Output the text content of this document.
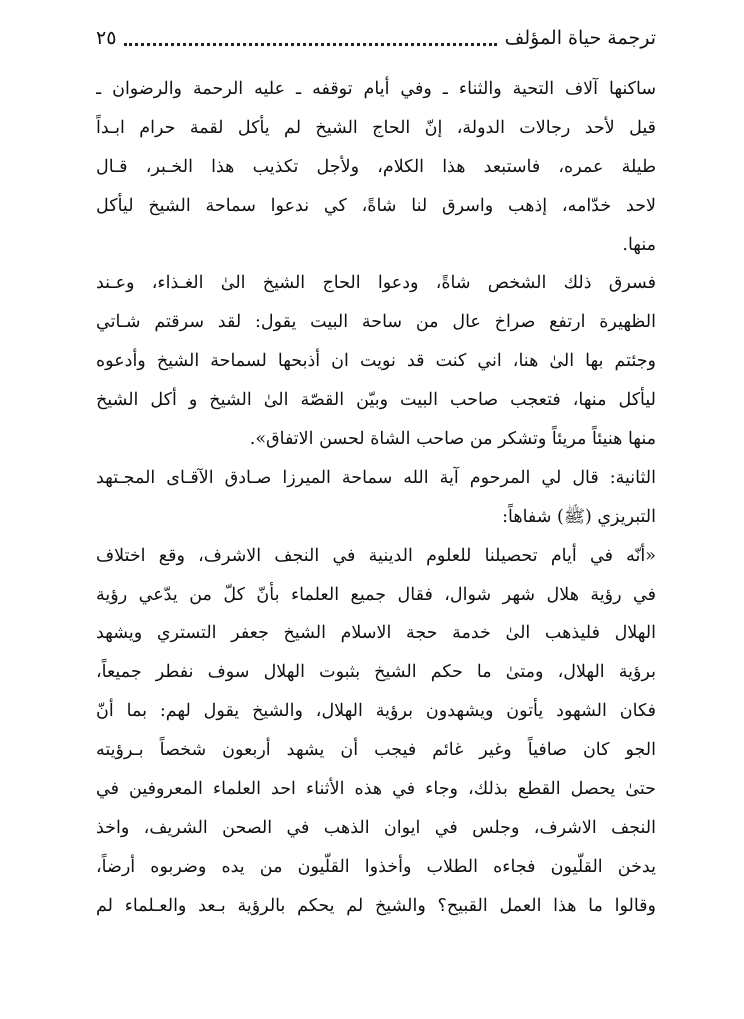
ترجمة حياة المؤلف
٢٥
ساكنها آلاف التحية والثناء ـ وفي أيام توقفه ـ عليه الرحمة والرضوان ـ
قيل لأحد رجالات الدولة، إنّ الحاج الشيخ لم يأكل لقمة حرام ابـداً
طيلة عمره، فاستبعد هذا الكلام، ولأجل تكذيب هذا الخـبر، قـال
لاحد خدّامه، إذهب واسرق لنا شاةً، كي ندعوا سماحة الشيخ ليأكل
منها.
فسرق ذلك الشخص شاةً، ودعوا الحاج الشيخ الىٰ الغـذاء، وعـند
الظهيرة ارتفع صراخ عال من ساحة البيت يقول: لقد سرقتم شـاتي
وجئتم بها الىٰ هنا، اني كنت قد نويت ان أذبحها لسماحة الشيخ وأدعوه
ليأكل منها، فتعجب صاحب البيت وبيّن القصّة الىٰ الشيخ و أكل الشيخ
منها هنيئاً مريئاً وتشكر من صاحب الشاة لحسن الاتفاق».
الثانية: قال لي المرحوم آية الله سماحة الميرزا صـادق الآقـاى المجـتهد
التبريزي (ﷺ) شفاهاً:
«أنّه في أيام تحصيلنا للعلوم الدينية في النجف الاشرف، وقع اختلاف
في رؤية هلال شهر شوال، فقال جميع العلماء بأنّ كلّ من يدّعي رؤية
الهلال فليذهب الىٰ خدمة حجة الاسلام الشيخ جعفر التستري ويشهد
برؤية الهلال، ومتىٰ ما حكم الشيخ بثبوت الهلال سوف نفطر جميعاً،
فكان الشهود يأتون ويشهدون برؤية الهلال، والشيخ يقول لهم: بما أنّ
الجو كان صافياً وغير غائم فيجب أن يشهد أربعون شخصاً بـرؤيته
حتىٰ يحصل القطع بذلك، وجاء في هذه الأثناء احد العلماء المعروفين في
النجف الاشرف، وجلس في ايوان الذهب في الصحن الشريف، واخذ
يدخن القلّيون فجاءه الطلاب وأخذوا القلّيون من يده وضربوه أرضاً،
وقالوا ما هذا العمل القبيح؟ والشيخ لم يحكم بالرؤية بـعد والعـلماء لم
